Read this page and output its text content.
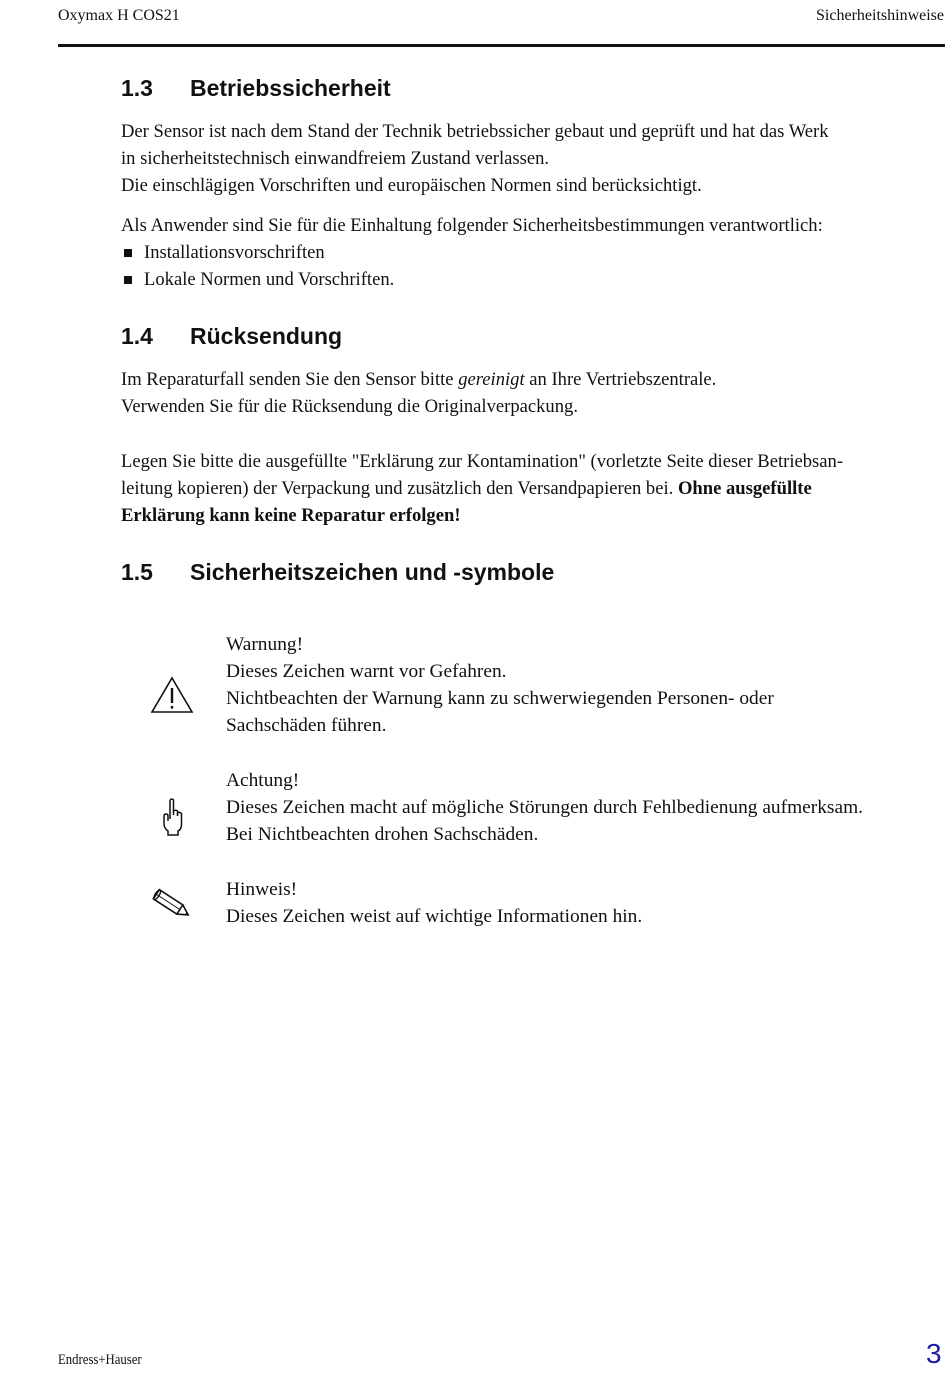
Oxymax H COS21	Sicherheitshinweise
1.3 Betriebssicherheit
Der Sensor ist nach dem Stand der Technik betriebssicher gebaut und geprüft und hat das Werk
in sicherheitstechnisch einwandfreiem Zustand verlassen.
Die einschlägigen Vorschriften und europäischen Normen sind berücksichtigt.
Als Anwender sind Sie für die Einhaltung folgender Sicherheitsbestimmungen verantwortlich:
Installationsvorschriften
Lokale Normen und Vorschriften.
1.4 Rücksendung
Im Reparaturfall senden Sie den Sensor bitte gereinigt an Ihre Vertriebszentrale.
Verwenden Sie für die Rücksendung die Originalverpackung.
Legen Sie bitte die ausgefüllte "Erklärung zur Kontamination" (vorletzte Seite dieser Betriebsan-
leitung kopieren) der Verpackung und zusätzlich den Versandpapieren bei. Ohne ausgefüllte
Erklärung kann keine Reparatur erfolgen!
1.5 Sicherheitszeichen und -symbole
Warnung!
Dieses Zeichen warnt vor Gefahren.
Nichtbeachten der Warnung kann zu schwerwiegenden Personen- oder
Sachschäden führen.
Achtung!
Dieses Zeichen macht auf mögliche Störungen durch Fehlbedienung aufmerksam.
Bei Nichtbeachten drohen Sachschäden.
Hinweis!
Dieses Zeichen weist auf wichtige Informationen hin.
Endress+Hauser	3
